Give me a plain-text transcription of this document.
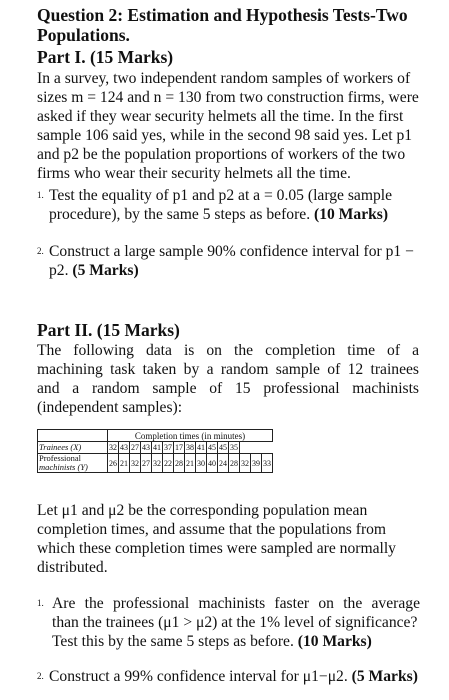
Question 2: Estimation and Hypothesis Tests-Two
Populations.
Part I. (15 Marks)
In a survey, two independent random samples of workers of
sizes m = 124 and n = 130 from two construction firms, were
asked if they wear security helmets all the time. In the first
sample 106 said yes, while in the second 98 said yes. Let p1
and p2 be the population proportions of workers of the two
firms who wear their security helmets all the time.
1. Test the equality of p1 and p2 at a = 0.05 (large sample
procedure), by the same 5 steps as before. (10 Marks)
2. Construct a large sample 90% confidence interval for p1 −
p2. (5 Marks)
Part II. (15 Marks)
The following data is on the completion time of a
machining task taken by a random sample of 12 trainees
and a random sample of 15 professional machinists
(independent samples):
	Completion times (in minutes)														
Trainees (X)	32	43	27	43	41	37	17	38	41	45	45	35			
Professional
machinists (Y)	26	21	32	27	32	22	28	21	30	40	24	28	32	39	33
Let μ1 and μ2 be the corresponding population mean
completion times, and assume that the populations from
which these completion times were sampled are normally
distributed.
1. Are the professional machinists faster on the average
than the trainees (μ1 > μ2) at the 1% level of significance?
Test this by the same 5 steps as before. (10 Marks)
2. Construct a 99% confidence interval for μ1−μ2. (5 Marks)
